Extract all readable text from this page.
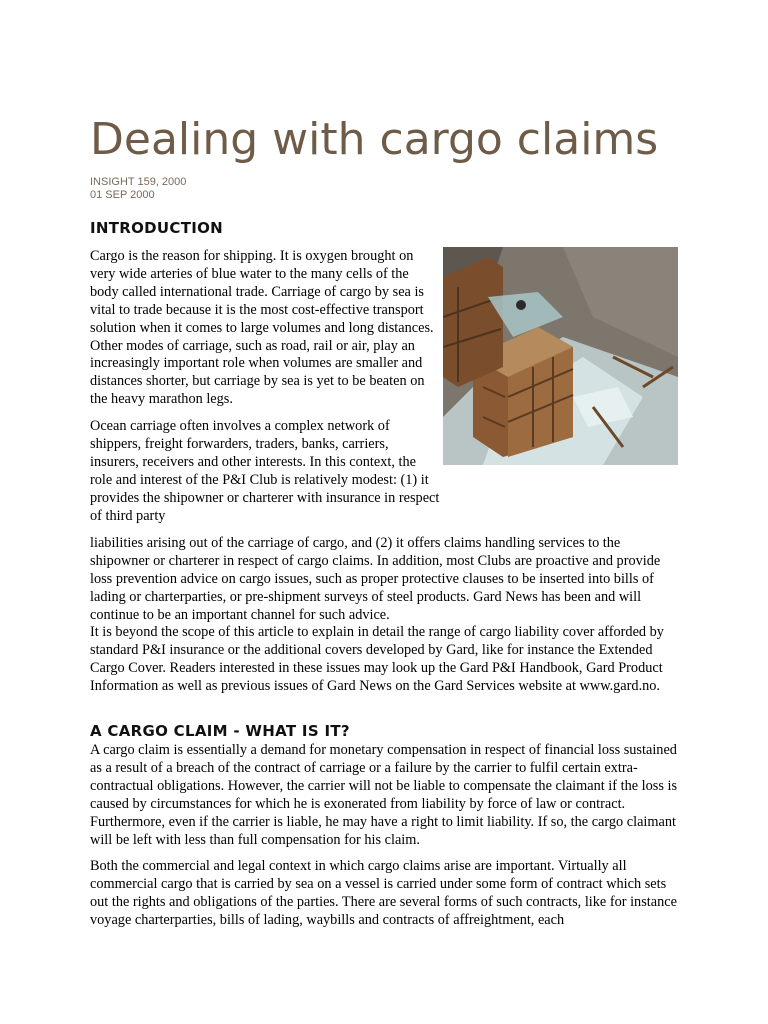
Dealing with cargo claims
INSIGHT 159, 2000
01 SEP 2000
INTRODUCTION

Cargo is the reason for shipping. It is oxygen brought on very wide arteries of blue water to the many cells of the body called international trade. Carriage of cargo by sea is vital to trade because it is the most cost-effective transport solution when it comes to large volumes and long distances. Other modes of carriage, such as road, rail or air, play an increasingly important role when volumes are smaller and distances shorter, but carriage by sea is yet to be beaten on the heavy marathon legs.

Ocean carriage often involves a complex network of shippers, freight forwarders, traders, banks, carriers, insurers, receivers and other interests. In this context, the role and interest of the P&I Club is relatively modest: (1) it provides the shipowner or charterer with insurance in respect of third party

liabilities arising out of the carriage of cargo, and (2) it offers claims handling services to the shipowner or charterer in respect of cargo claims. In addition, most Clubs are proactive and provide loss prevention advice on cargo issues, such as proper protective clauses to be inserted into bills of lading or charterparties, or pre-shipment surveys of steel products. Gard News has been and will continue to be an important channel for such advice.

It is beyond the scope of this article to explain in detail the range of cargo liability cover afforded by standard P&I insurance or the additional covers developed by Gard, like for instance the Extended Cargo Cover. Readers interested in these issues may look up the Gard P&I Handbook, Gard Product Information as well as previous issues of Gard News on the Gard Services website at www.gard.no.

A CARGO CLAIM - WHAT IS IT?

A cargo claim is essentially a demand for monetary compensation in respect of financial loss sustained as a result of a breach of the contract of carriage or a failure by the carrier to fulfil certain extra-contractual obligations. However, the carrier will not be liable to compensate the claimant if the loss is caused by circumstances for which he is exonerated from liability by force of law or contract. Furthermore, even if the carrier is liable, he may have a right to limit liability. If so, the cargo claimant will be left with less than full compensation for his claim.

Both the commercial and legal context in which cargo claims arise are important. Virtually all commercial cargo that is carried by sea on a vessel is carried under some form of contract which sets out the rights and obligations of the parties. There are several forms of such contracts, like for instance voyage charterparties, bills of lading, waybills and contracts of affreightment, each
